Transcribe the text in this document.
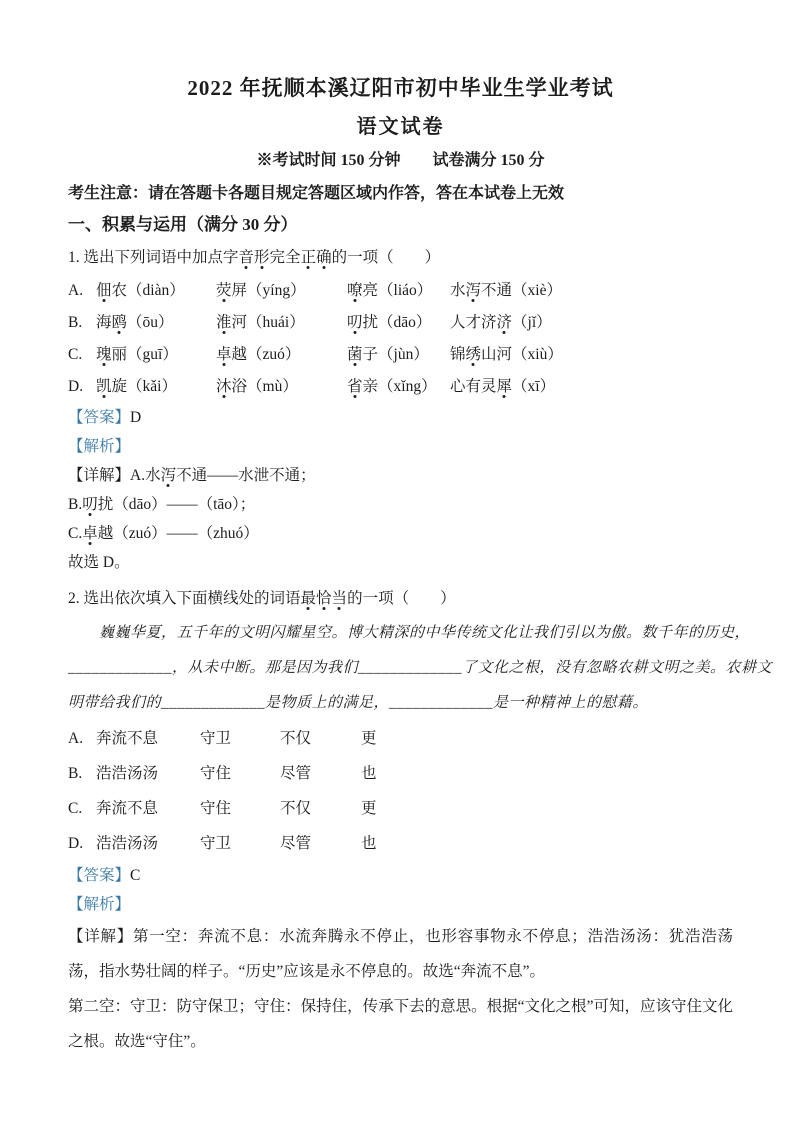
2022 年抚顺本溪辽阳市初中毕业生学业考试
语文试卷
※考试时间 150 分钟　　试卷满分 150 分
考生注意：请在答题卡各题目规定答题区域内作答，答在本试卷上无效
一、积累与运用（满分 30 分）
1. 选出下列词语中加点字音形完全正确的一项（　　）
A. 佃农（diàn）	荧屏（yíng）	嘹亮（liáo）	水泻不通（xiè）
B. 海鸥（ōu）	淮河（huái）	叨扰（dāo）	人才济济（jǐ）
C. 瑰丽（guī）	卓越（zuó）	菌子（jùn）	锦绣山河（xiù）
D. 凯旋（kǎi）	沐浴（mù）	省亲（xǐng） 心有灵犀（xī）
【答案】D
【解析】
【详解】A.水泻不通——水泄不通；
B.叨扰（dāo）——（tāo）；
C.卓越（zuó）——（zhuó）
故选 D。
2. 选出依次填入下面横线处的词语最恰当的一项（　　）
　　巍巍华夏，五千年的文明闪耀星空。博大精深的中华传统文化让我们引以为傲。数千年的历史，
_____________，从未中断。那是因为我们_____________了文化之根，没有忽略农耕文明之美。农耕文
明带给我们的_____________是物质上的满足，_____________是一种精神上的慰藉。
A. 奔流不息	守卫	不仅	更
B. 浩浩汤汤	守住	尽管	也
C. 奔流不息	守住	不仅	更
D. 浩浩汤汤	守卫	尽管	也
【答案】C
【解析】
【详解】第一空：奔流不息：水流奔腾永不停止，也形容事物永不停息；浩浩汤汤：犹浩浩荡荡，指水势壮阔的样子。“历史”应该是永不停息的。故选“奔流不息”。
第二空：守卫：防守保卫；守住：保持住，传承下去的意思。根据“文化之根”可知，应该守住文化之根。故选“守住”。
